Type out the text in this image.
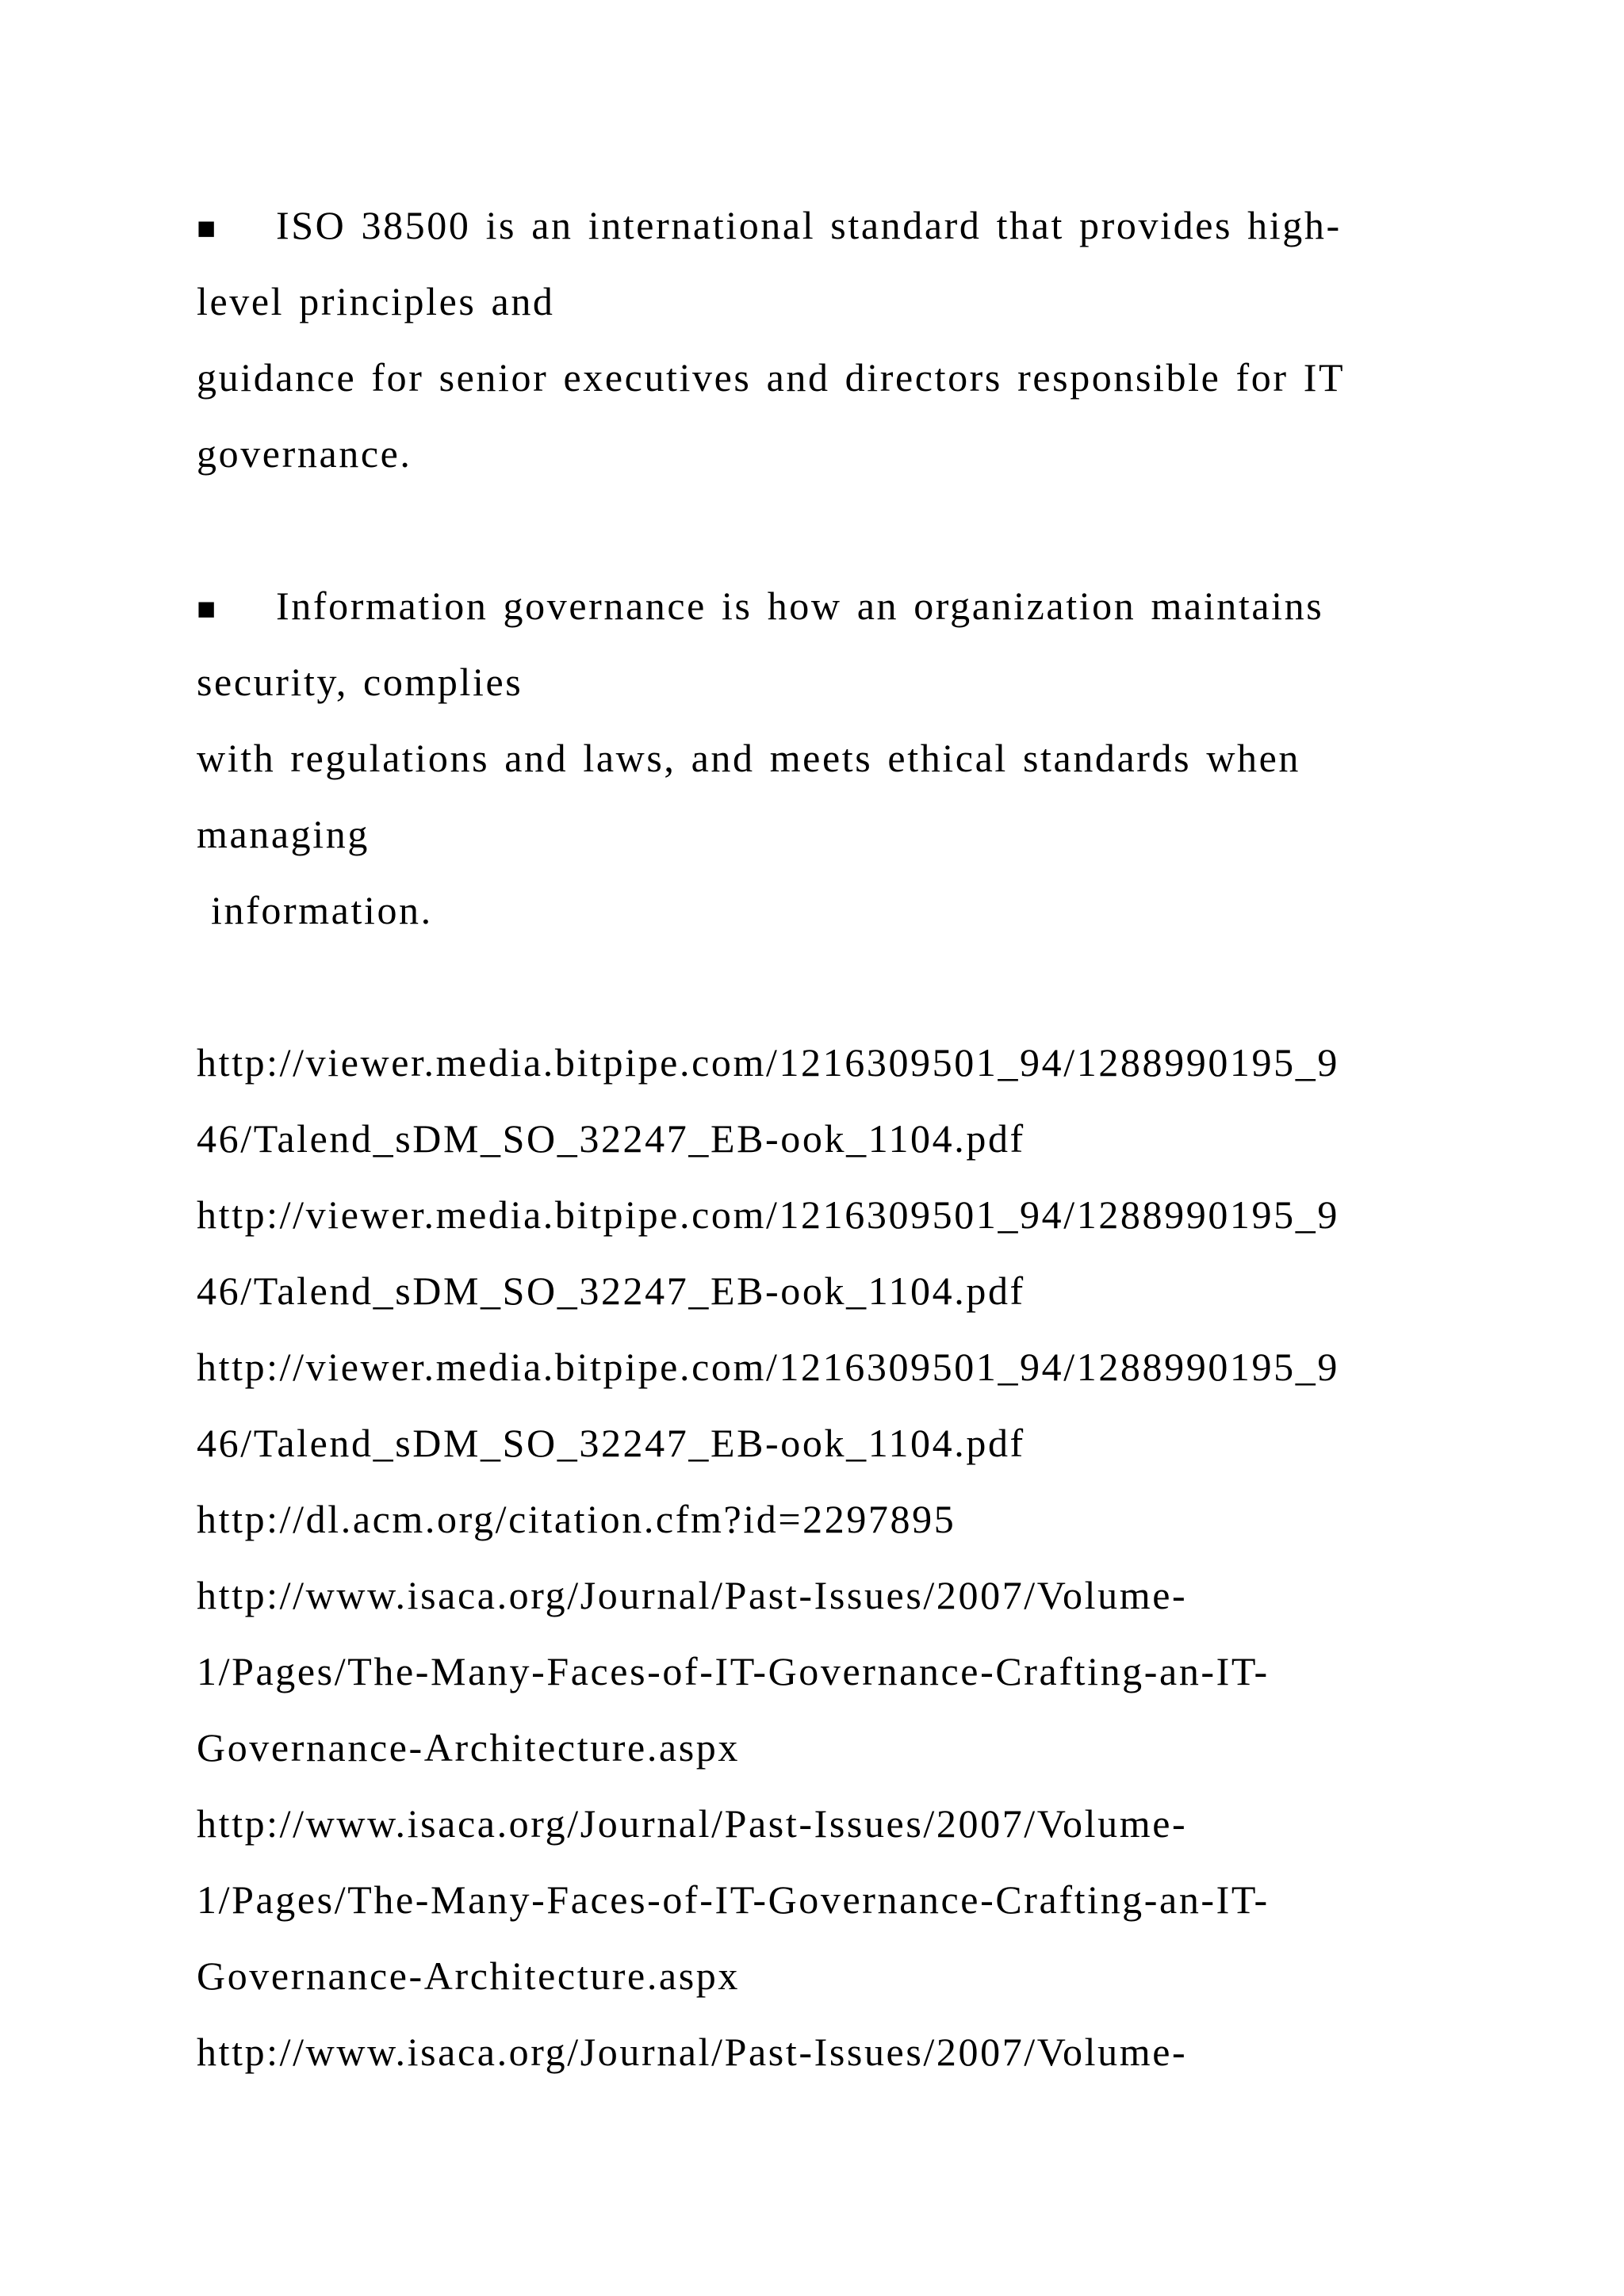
■ ISO 38500 is an international standard that provides high-
level principles and
guidance for senior executives and directors responsible for IT
governance.
■ Information governance is how an organization maintains
security, complies
with regulations and laws, and meets ethical standards when
managing
information.
http://viewer.media.bitpipe.com/1216309501_94/1288990195_9
46/Talend_sDM_SO_32247_EB-ook_1104.pdf
http://viewer.media.bitpipe.com/1216309501_94/1288990195_9
46/Talend_sDM_SO_32247_EB-ook_1104.pdf
http://viewer.media.bitpipe.com/1216309501_94/1288990195_9
46/Talend_sDM_SO_32247_EB-ook_1104.pdf
http://dl.acm.org/citation.cfm?id=2297895
http://www.isaca.org/Journal/Past-Issues/2007/Volume-
1/Pages/The-Many-Faces-of-IT-Governance-Crafting-an-IT-
Governance-Architecture.aspx
http://www.isaca.org/Journal/Past-Issues/2007/Volume-
1/Pages/The-Many-Faces-of-IT-Governance-Crafting-an-IT-
Governance-Architecture.aspx
http://www.isaca.org/Journal/Past-Issues/2007/Volume-
